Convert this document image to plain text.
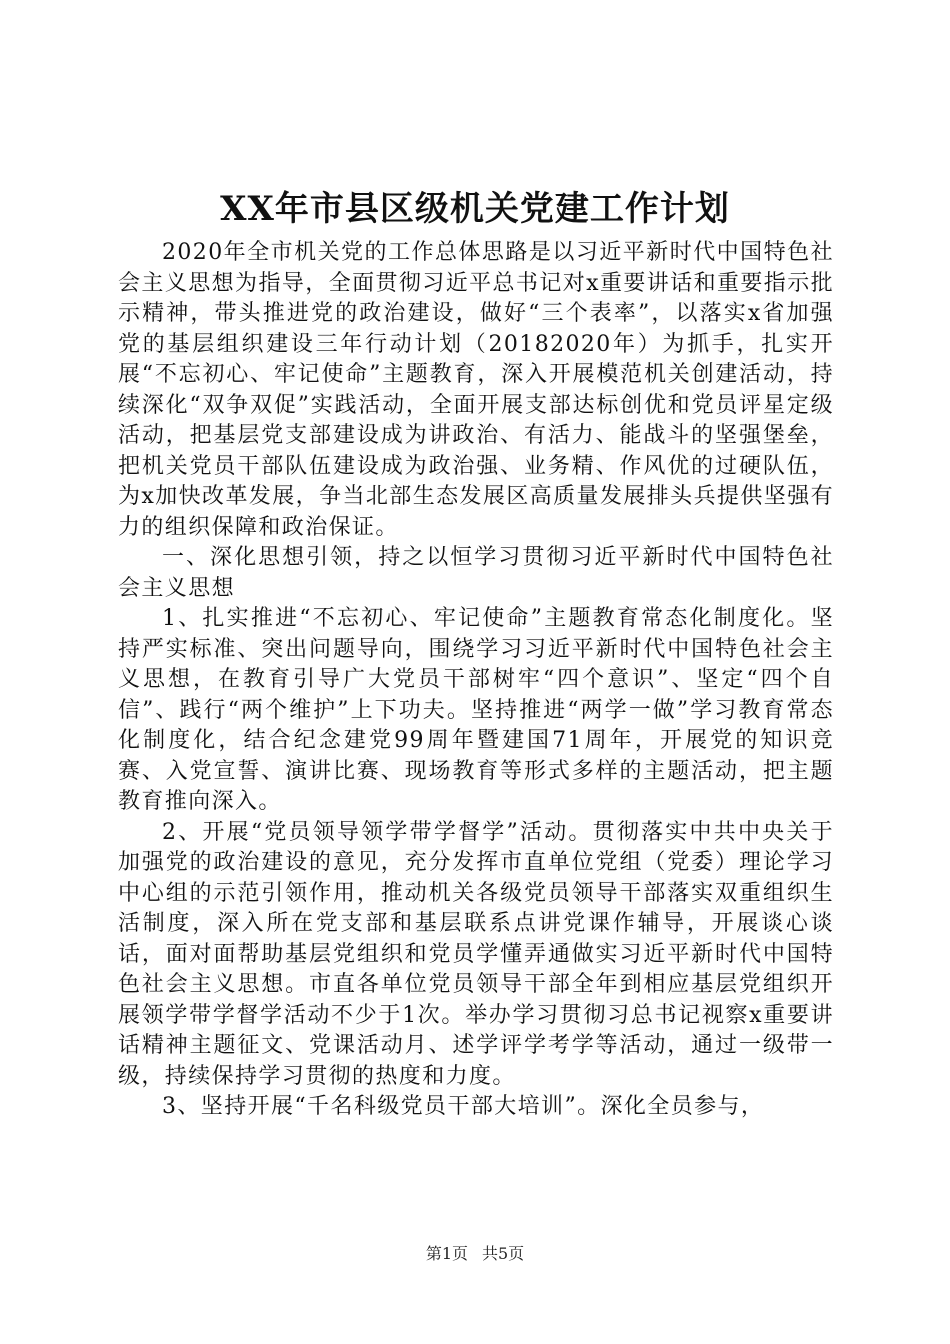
XX年市县区级机关党建工作计划

2020年全市机关党的工作总体思路是以习近平新时代中国特色社会主义思想为指导，全面贯彻习近平总书记对x重要讲话和重要指示批示精神，带头推进党的政治建设，做好“三个表率”，以落实x省加强党的基层组织建设三年行动计划（20182020年）为抓手，扎实开展“不忘初心、牢记使命”主题教育，深入开展模范机关创建活动，持续深化“双争双促”实践活动，全面开展支部达标创优和党员评星定级活动，把基层党支部建设成为讲政治、有活力、能战斗的坚强堡垒，把机关党员干部队伍建设成为政治强、业务精、作风优的过硬队伍，为x加快改革发展，争当北部生态发展区高质量发展排头兵提供坚强有力的组织保障和政治保证。

一、深化思想引领，持之以恒学习贯彻习近平新时代中国特色社会主义思想

1、扎实推进“不忘初心、牢记使命”主题教育常态化制度化。坚持严实标准、突出问题导向，围绕学习习近平新时代中国特色社会主义思想，在教育引导广大党员干部树牢“四个意识”、坚定“四个自信”、践行“两个维护”上下功夫。坚持推进“两学一做”学习教育常态化制度化，结合纪念建党99周年暨建国71周年，开展党的知识竞赛、入党宣誓、演讲比赛、现场教育等形式多样的主题活动，把主题教育推向深入。

2、开展“党员领导领学带学督学”活动。贯彻落实中共中央关于加强党的政治建设的意见，充分发挥市直单位党组（党委）理论学习中心组的示范引领作用，推动机关各级党员领导干部落实双重组织生活制度，深入所在党支部和基层联系点讲党课作辅导，开展谈心谈话，面对面帮助基层党组织和党员学懂弄通做实习近平新时代中国特色社会主义思想。市直各单位党员领导干部全年到相应基层党组织开展领学带学督学活动不少于1次。举办学习贯彻习总书记视察x重要讲话精神主题征文、党课活动月、述学评学考学等活动，通过一级带一级，持续保持学习贯彻的热度和力度。

3、坚持开展“千名科级党员干部大培训”。深化全员参与，

第1页 共5页
